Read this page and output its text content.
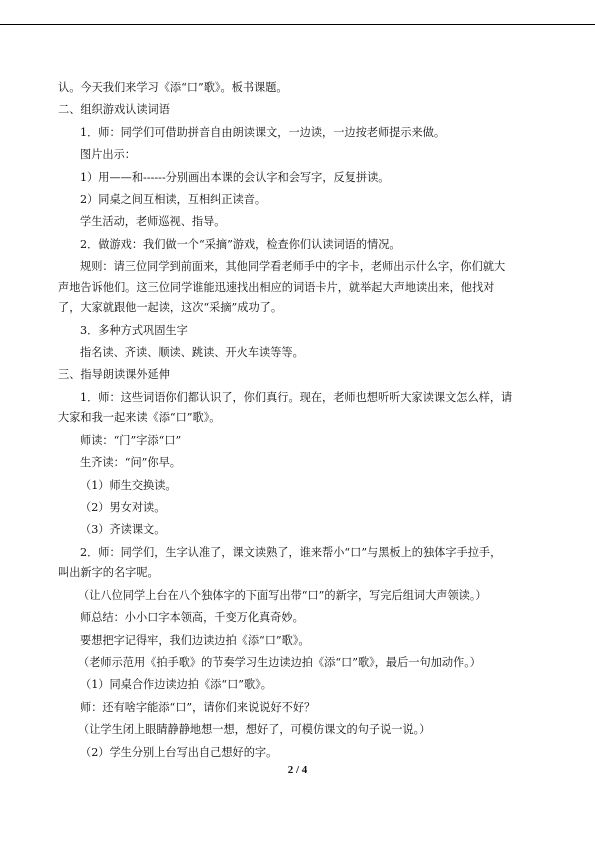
认。今天我们来学习《添“口”歌》。板书课题。
二、组织游戏认读词语
1．师：同学们可借助拼音自由朗读课文，一边读，一边按老师提示来做。
图片出示：
1）用——和------分别画出本课的会认字和会写字，反复拼读。
2）同桌之间互相读，互相纠正读音。
学生活动，老师巡视、指导。
2．做游戏：我们做一个“采摘”游戏，检查你们认读词语的情况。
规则：请三位同学到前面来，其他同学看老师手中的字卡，老师出示什么字，你们就大
声地告诉他们。这三位同学谁能迅速找出相应的词语卡片，就举起大声地读出来，他找对
了，大家就跟他一起读，这次“采摘”成功了。
3．多种方式巩固生字
指名读、齐读、顺读、跳读、开火车读等等。
三、指导朗读课外延伸
1．师：这些词语你们都认识了，你们真行。现在，老师也想听听大家读课文怎么样，请
大家和我一起来读《添“口”歌》。
师读：“门”字添“口”
生齐读：“问”你早。
（1）师生交换读。
（2）男女对读。
（3）齐读课文。
2．师：同学们，生字认准了，课文读熟了，谁来帮小“口”与黑板上的独体字手拉手，
叫出新字的名字呢。
（让八位同学上台在八个独体字的下面写出带“口”的新字，写完后组词大声领读。）
师总结：小小口字本领高，千变万化真奇妙。
要想把字记得牢，我们边读边拍《添“口”歌》。
（老师示范用《拍手歌》的节奏学习生边读边拍《添“口”歌》，最后一句加动作。）
（1）同桌合作边读边拍《添“口”歌》。
师：还有啥字能添“口”，请你们来说说好不好？
（让学生闭上眼睛静静地想一想，想好了，可模仿课文的句子说一说。）
（2）学生分别上台写出自己想好的字。
2 / 4
